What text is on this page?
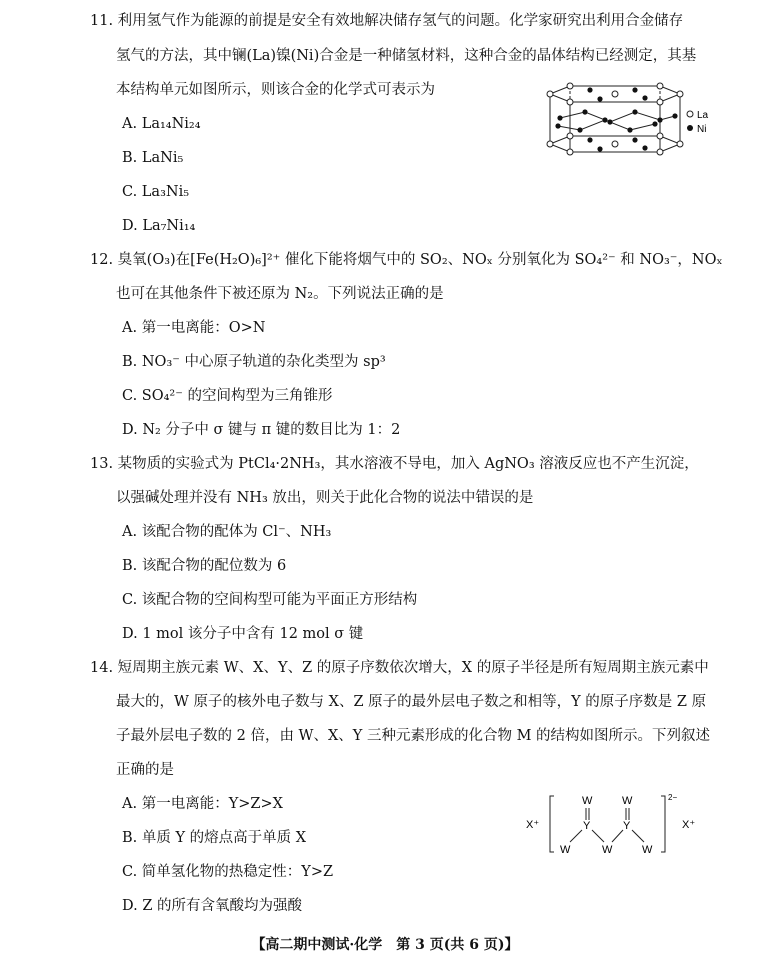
11. 利用氢气作为能源的前提是安全有效地解决储存氢气的问题。化学家研究出利用合金储存
氢气的方法，其中镧(La)镍(Ni)合金是一种储氢材料，这种合金的晶体结构已经测定，其基
本结构单元如图所示，则该合金的化学式可表示为
A. La₁₄Ni₂₄
B. LaNi₅
C. La₃Ni₅
D. La₇Ni₁₄
La
Ni
12. 臭氧(O₃)在[Fe(H₂O)₆]²⁺ 催化下能将烟气中的 SO₂、NOₓ 分别氧化为 SO₄²⁻ 和 NO₃⁻，NOₓ
也可在其他条件下被还原为 N₂。下列说法正确的是
A. 第一电离能：O>N
B. NO₃⁻ 中心原子轨道的杂化类型为 sp³
C. SO₄²⁻ 的空间构型为三角锥形
D. N₂ 分子中 σ 键与 π 键的数目比为 1：2
13. 某物质的实验式为 PtCl₄·2NH₃，其水溶液不导电，加入 AgNO₃ 溶液反应也不产生沉淀，
以强碱处理并没有 NH₃ 放出，则关于此化合物的说法中错误的是
A. 该配合物的配体为 Cl⁻、NH₃
B. 该配合物的配位数为 6
C. 该配合物的空间构型可能为平面正方形结构
D. 1 mol 该分子中含有 12 mol σ 键
14. 短周期主族元素 W、X、Y、Z 的原子序数依次增大，X 的原子半径是所有短周期主族元素中
最大的，W 原子的核外电子数与 X、Z 原子的最外层电子数之和相等，Y 的原子序数是 Z 原
子最外层电子数的 2 倍，由 W、X、Y 三种元素形成的化合物 M 的结构如图所示。下列叙述
正确的是
A. 第一电离能：Y>Z>X
B. 单质 Y 的熔点高于单质 X
C. 简单氢化物的热稳定性：Y>Z
D. Z 的所有含氧酸均为强酸
X⁺	X⁺
2−
W	W
Y	Y
W	W	W
【高二期中测试·化学　第 3 页(共 6 页)】
